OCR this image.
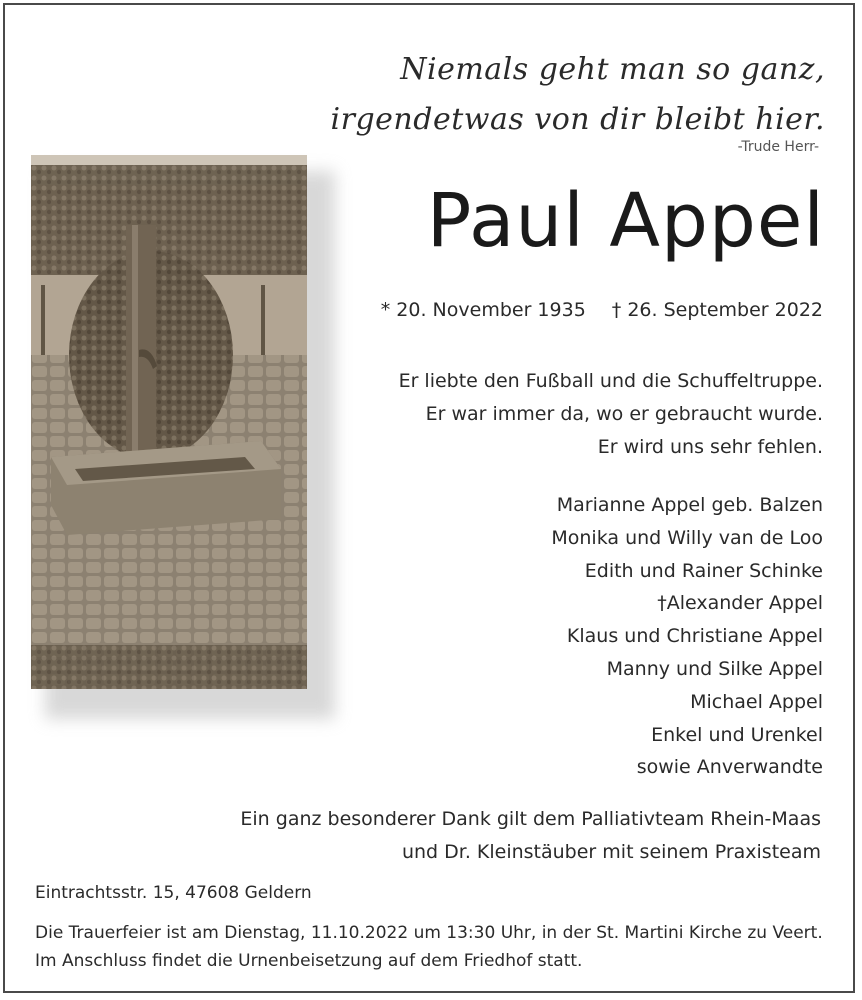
Niemals geht man so ganz,
irgendetwas von dir bleibt hier.
-Trude Herr-
Paul Appel
* 20. November 1935 † 26. September 2022
Er liebte den Fußball und die Schuffeltruppe.
Er war immer da, wo er gebraucht wurde.
Er wird uns sehr fehlen.
Marianne Appel geb. Balzen
Monika und Willy van de Loo
Edith und Rainer Schinke
†Alexander Appel
Klaus und Christiane Appel
Manny und Silke Appel
Michael Appel
Enkel und Urenkel
sowie Anverwandte
Ein ganz besonderer Dank gilt dem Palliativteam Rhein-Maas
und Dr. Kleinstäuber mit seinem Praxisteam
Eintrachtsstr. 15, 47608 Geldern
Die Trauerfeier ist am Dienstag, 11.10.2022 um 13:30 Uhr, in der St. Martini Kirche zu Veert.
Im Anschluss findet die Urnenbeisetzung auf dem Friedhof statt.
